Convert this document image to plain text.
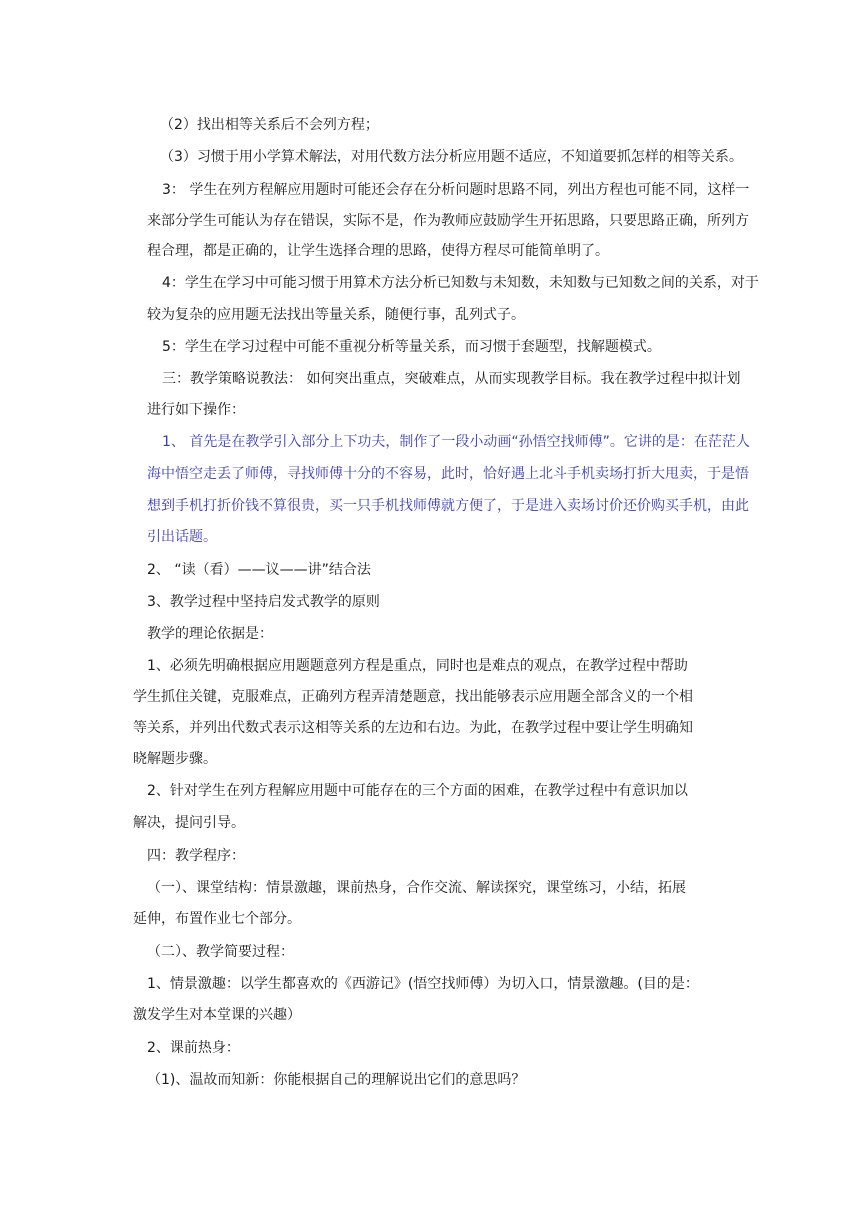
（2）找出相等关系后不会列方程；
（3）习惯于用小学算术解法，对用代数方法分析应用题不适应，不知道要抓怎样的相等关系。
3： 学生在列方程解应用题时可能还会存在分析问题时思路不同，列出方程也可能不同，这样一
来部分学生可能认为存在错误，实际不是，作为教师应鼓励学生开拓思路，只要思路正确，所列方
程合理，都是正确的，让学生选择合理的思路，使得方程尽可能简单明了。
4：学生在学习中可能习惯于用算术方法分析已知数与未知数，未知数与已知数之间的关系，对于
较为复杂的应用题无法找出等量关系，随便行事，乱列式子。
5：学生在学习过程中可能不重视分析等量关系，而习惯于套题型，找解题模式。
三：教学策略说教法： 如何突出重点，突破难点，从而实现教学目标。我在教学过程中拟计划
进行如下操作：
1、 首先是在教学引入部分上下功夫，制作了一段小动画“孙悟空找师傅”。它讲的是：在茫茫人
海中悟空走丢了师傅，寻找师傅十分的不容易，此时，恰好遇上北斗手机卖场打折大甩卖，于是悟
想到手机打折价钱不算很贵，买一只手机找师傅就方便了，于是进入卖场讨价还价购买手机，由此
引出话题。
2、 “读（看）——议——讲”结合法
3、教学过程中坚持启发式教学的原则
教学的理论依据是：
1、必须先明确根据应用题题意列方程是重点，同时也是难点的观点，在教学过程中帮助
学生抓住关键，克服难点，正确列方程弄清楚题意，找出能够表示应用题全部含义的一个相
等关系，并列出代数式表示这相等关系的左边和右边。为此，在教学过程中要让学生明确知
晓解题步骤。
2、针对学生在列方程解应用题中可能存在的三个方面的困难，在教学过程中有意识加以
解决，提问引导。
四：教学程序：
（一）、课堂结构：情景激趣，课前热身，合作交流、解读探究，课堂练习，小结，拓展
延伸，布置作业七个部分。
（二）、教学简要过程：
1、情景激趣：以学生都喜欢的《西游记》(悟空找师傅）为切入口，情景激趣。(目的是：
激发学生对本堂课的兴趣）
2、课前热身：
（1)、温故而知新：你能根据自己的理解说出它们的意思吗？
